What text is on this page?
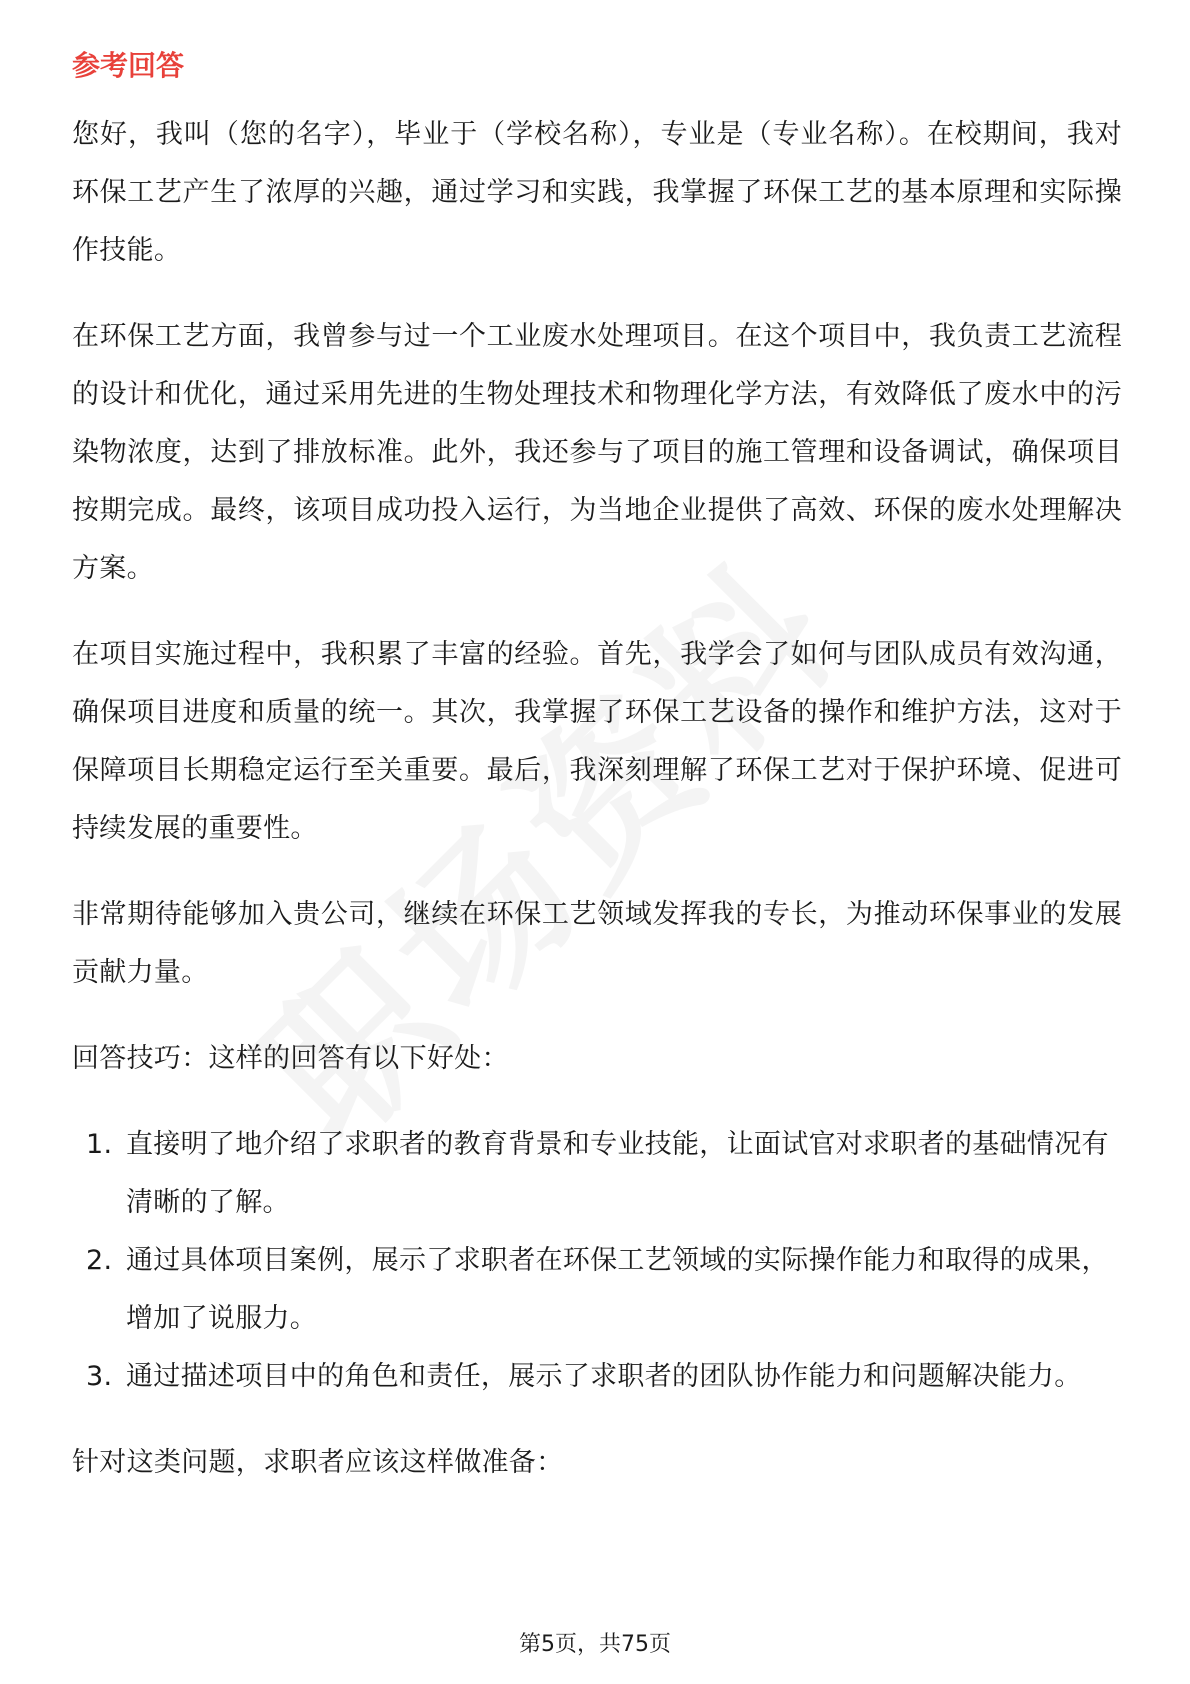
参考回答

您好，我叫（您的名字），毕业于（学校名称），专业是（专业名称）。在校期间，我对环保工艺产生了浓厚的兴趣，通过学习和实践，我掌握了环保工艺的基本原理和实际操作技能。

在环保工艺方面，我曾参与过一个工业废水处理项目。在这个项目中，我负责工艺流程的设计和优化，通过采用先进的生物处理技术和物理化学方法，有效降低了废水中的污染物浓度，达到了排放标准。此外，我还参与了项目的施工管理和设备调试，确保项目按期完成。最终，该项目成功投入运行，为当地企业提供了高效、环保的废水处理解决方案。

在项目实施过程中，我积累了丰富的经验。首先，我学会了如何与团队成员有效沟通，确保项目进度和质量的统一。其次，我掌握了环保工艺设备的操作和维护方法，这对于保障项目长期稳定运行至关重要。最后，我深刻理解了环保工艺对于保护环境、促进可持续发展的重要性。

非常期待能够加入贵公司，继续在环保工艺领域发挥我的专长，为推动环保事业的发展贡献力量。

回答技巧：这样的回答有以下好处：

1. 直接明了地介绍了求职者的教育背景和专业技能，让面试官对求职者的基础情况有清晰的了解。
2. 通过具体项目案例，展示了求职者在环保工艺领域的实际操作能力和取得的成果，增加了说服力。
3. 通过描述项目中的角色和责任，展示了求职者的团队协作能力和问题解决能力。

针对这类问题，求职者应该这样做准备：

第5页，共75页
